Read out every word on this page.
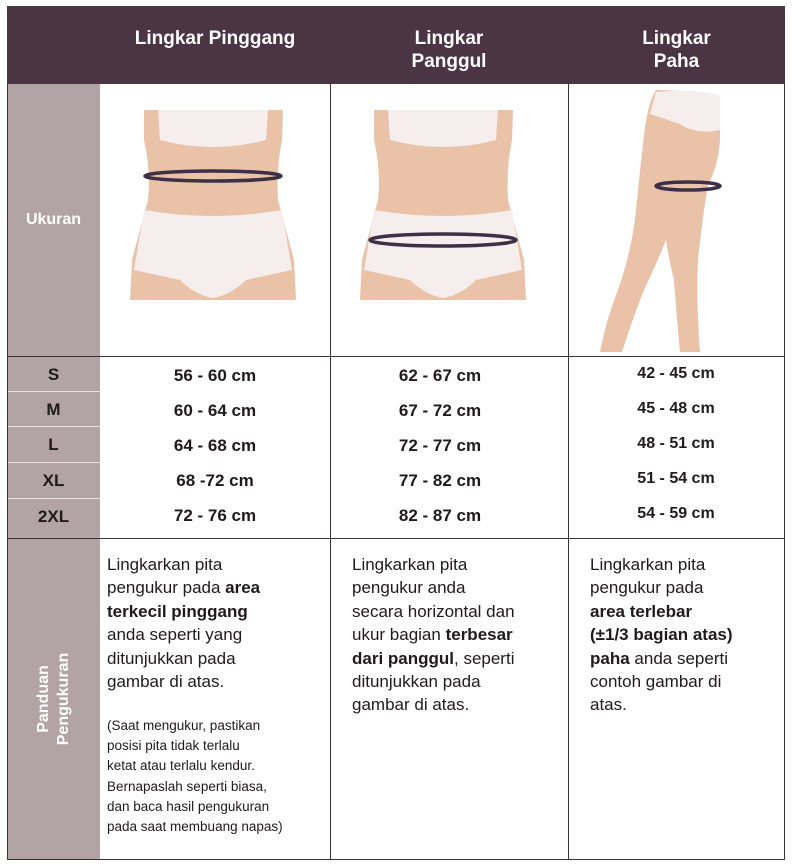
Lingkar Pinggang	Lingkar
Panggul
Lingkar
Paha
Ukuran
S
M
L
XL
2XL
56 - 60 cm
60 - 64 cm
64 - 68 cm
68 -72 cm
72 - 76 cm
62 - 67 cm
67 - 72 cm
72 - 77 cm
77 - 82 cm
82 - 87 cm
42 - 45 cm
45 - 48 cm
48 - 51 cm
51 - 54 cm
54 - 59 cm
Panduan Pengukuran
Lingkarkan pita
pengukur pada area
terkecil pinggang
anda seperti yang
ditunjukkan pada
gambar di atas.
(Saat mengukur, pastikan
posisi pita tidak terlalu
ketat atau terlalu kendur.
Bernapaslah seperti biasa,
dan baca hasil pengukuran
pada saat membuang napas)
Lingkarkan pita
pengukur anda
secara horizontal dan
ukur bagian terbesar
dari panggul, seperti
ditunjukkan pada
gambar di atas.
Lingkarkan pita
pengukur pada
area terlebar
(±1/3 bagian atas)
paha anda seperti
contoh gambar di
atas.
